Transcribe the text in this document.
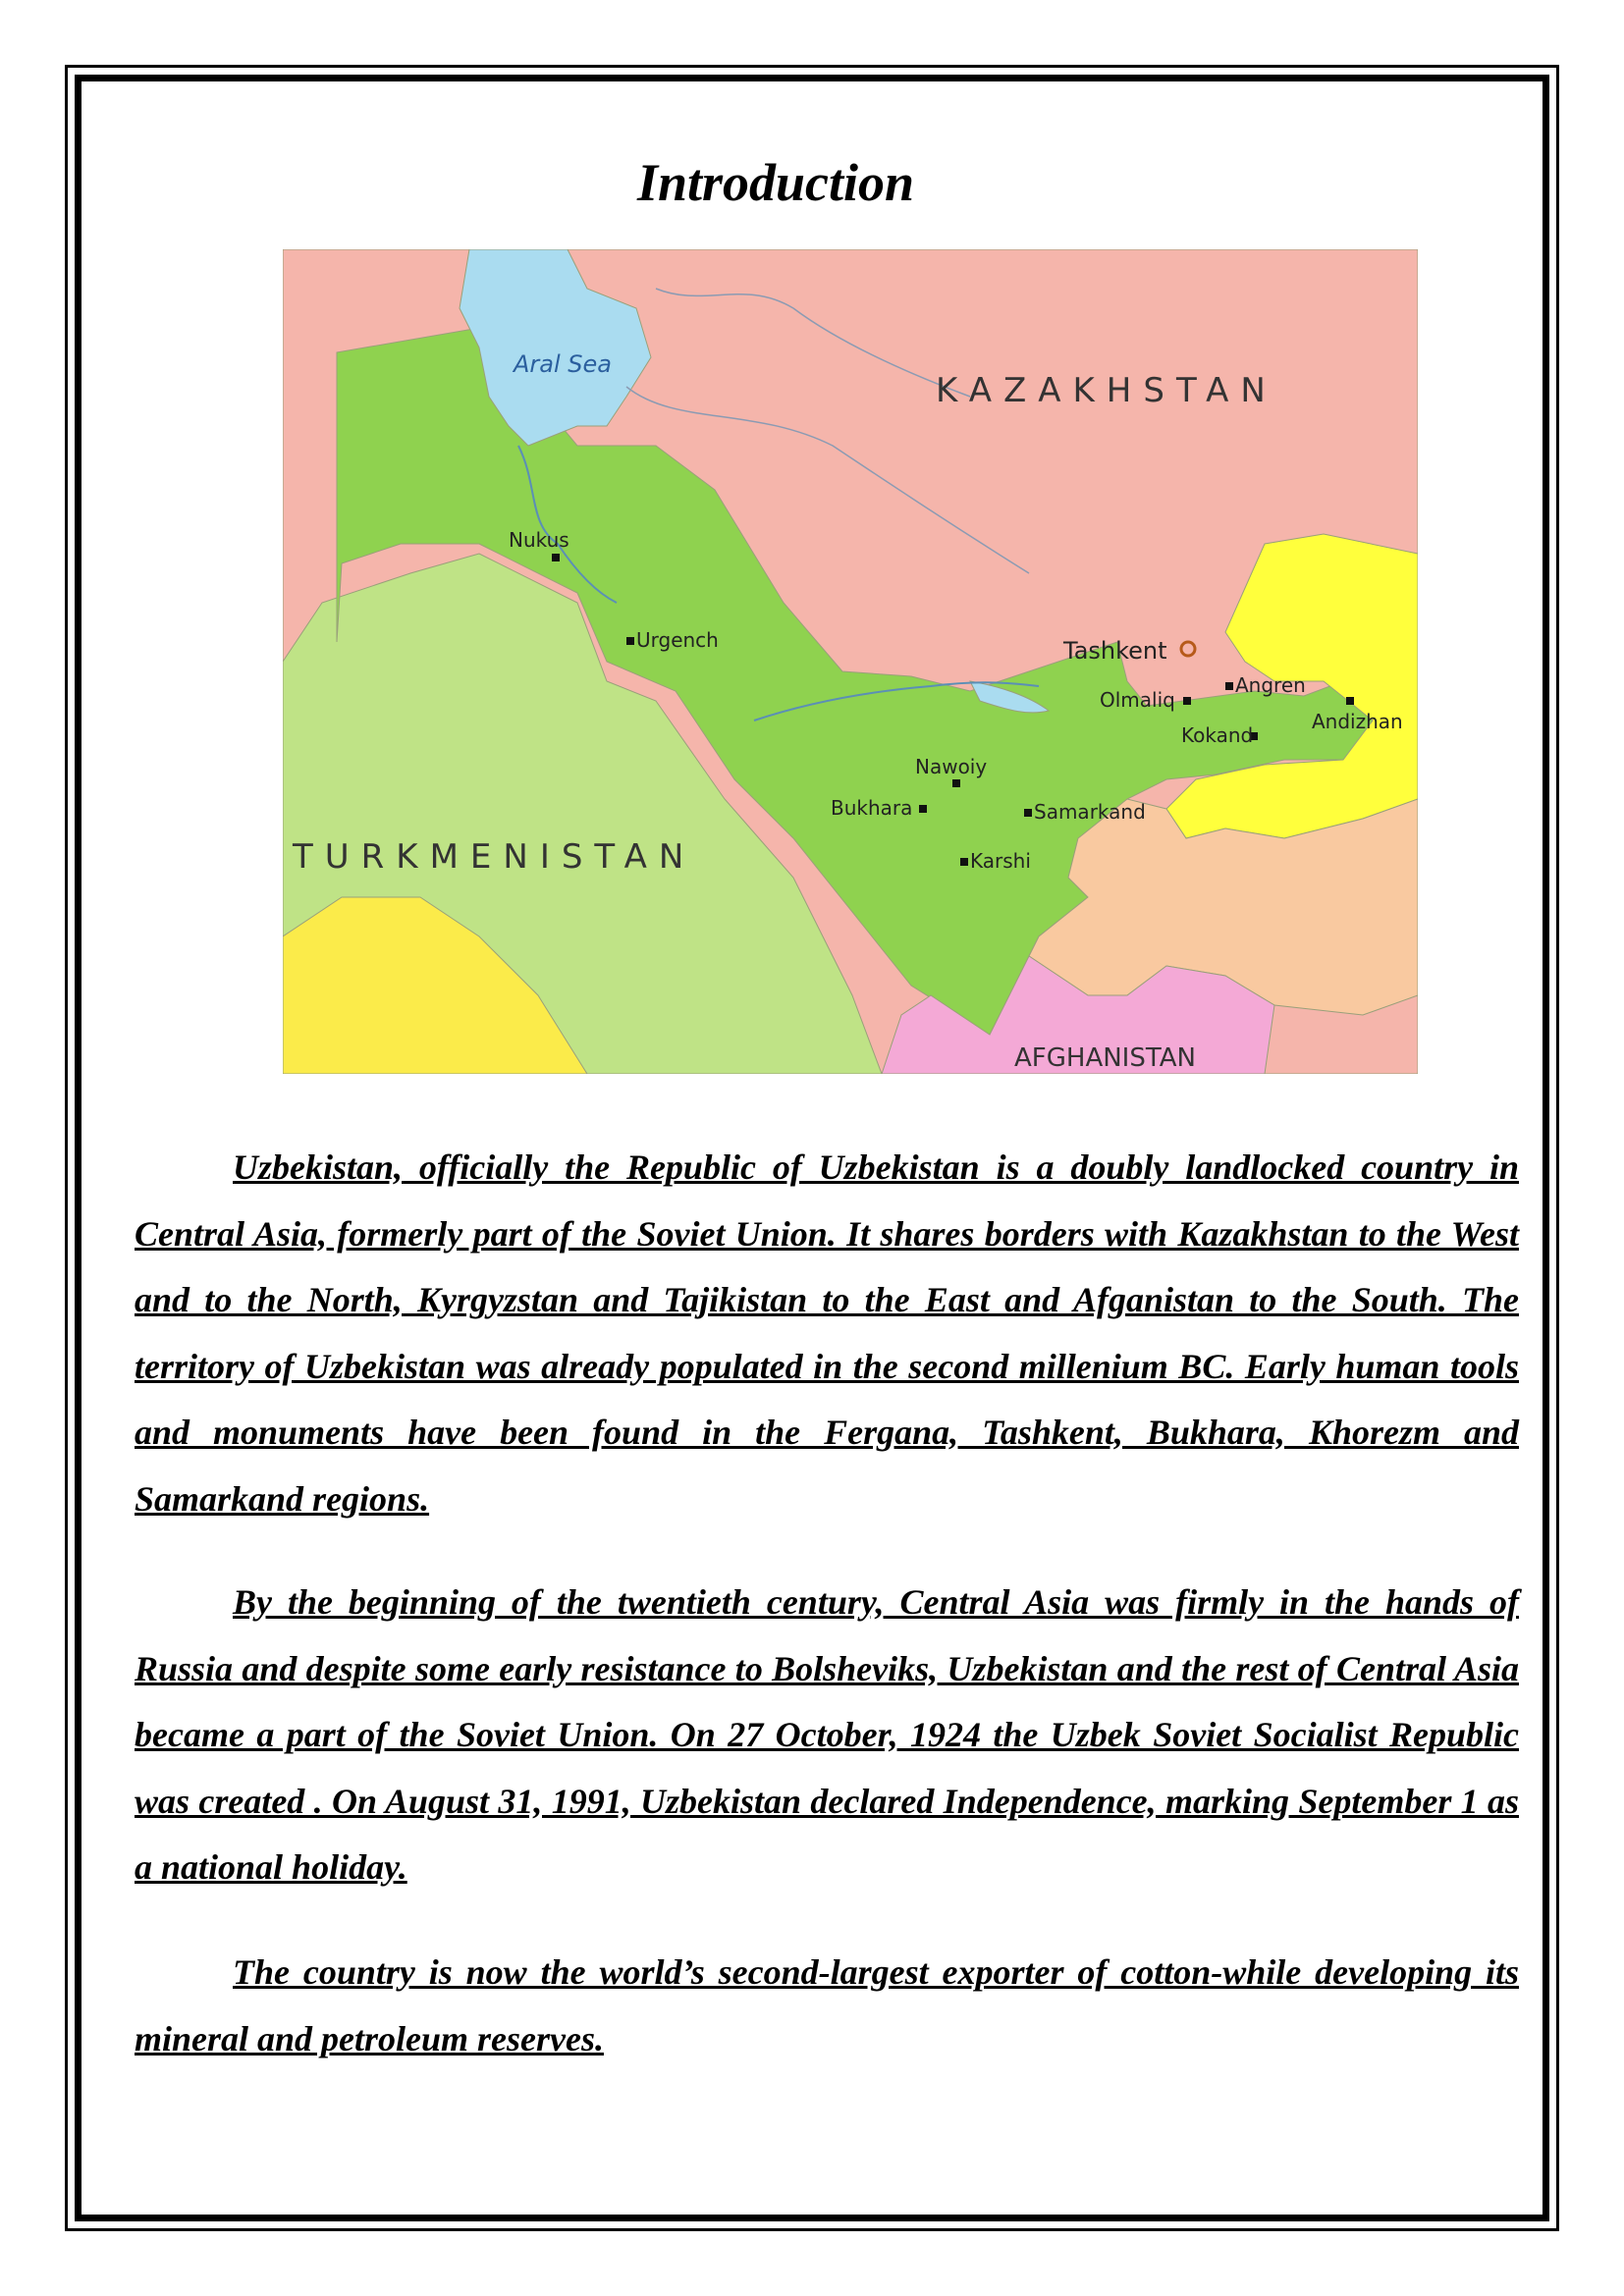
Introduction
Aral Sea
KAZAKHSTAN
TURKMENISTAN
AFGHANISTAN
Nukus
Urgench	Tashkent
Angren
Olmaliq
Andizhan
Kokand
Nawoiy
Bukhara	Samarkand
Karshi

Uzbekistan, officially the Republic of Uzbekistan is a doubly landlocked country in Central Asia, formerly part of the Soviet Union. It shares borders with Kazakhstan to the West and to the North, Kyrgyzstan and Tajikistan to the East and Afganistan to the South. The territory of Uzbekistan was already populated in the second millenium BC. Early human tools and monuments have been found in the Fergana, Tashkent, Bukhara, Khorezm and Samarkand regions.

By the beginning of the twentieth century, Central Asia was firmly in the hands of Russia and despite some early resistance to Bolsheviks, Uzbekistan and the rest of Central Asia became a part of the Soviet Union. On 27 October, 1924 the Uzbek Soviet Socialist Republic was created . On August 31, 1991, Uzbekistan declared Independence, marking September 1 as a national holiday.

The country is now the world’s second-largest exporter of cotton-while developing its mineral and petroleum reserves.
